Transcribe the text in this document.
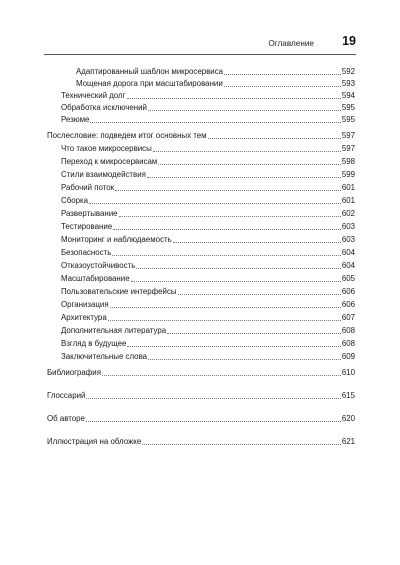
Оглавление 19
Адаптированный шаблон микросервиса	592
Мощеная дорога при масштабировании	593
Технический долг	594
Обработка исключений	595
Резюме	595
Послесловие: подведем итог основных тем	597
Что такое микросервисы	597
Переход к микросервисам	598
Стили взаимодействия	599
Рабочий поток	601
Сборка	601
Развертывание	602
Тестирование	603
Мониторинг и наблюдаемость	603
Безопасность	604
Отказоустойчивость	604
Масштабирование	605
Пользовательские интерфейсы	606
Организация	606
Архитектура	607
Дополнительная литература	608
Взгляд в будущее	608
Заключительные слова	609
Библиография	610
Глоссарий	615
Об авторе	620
Иллюстрация на обложке	621
